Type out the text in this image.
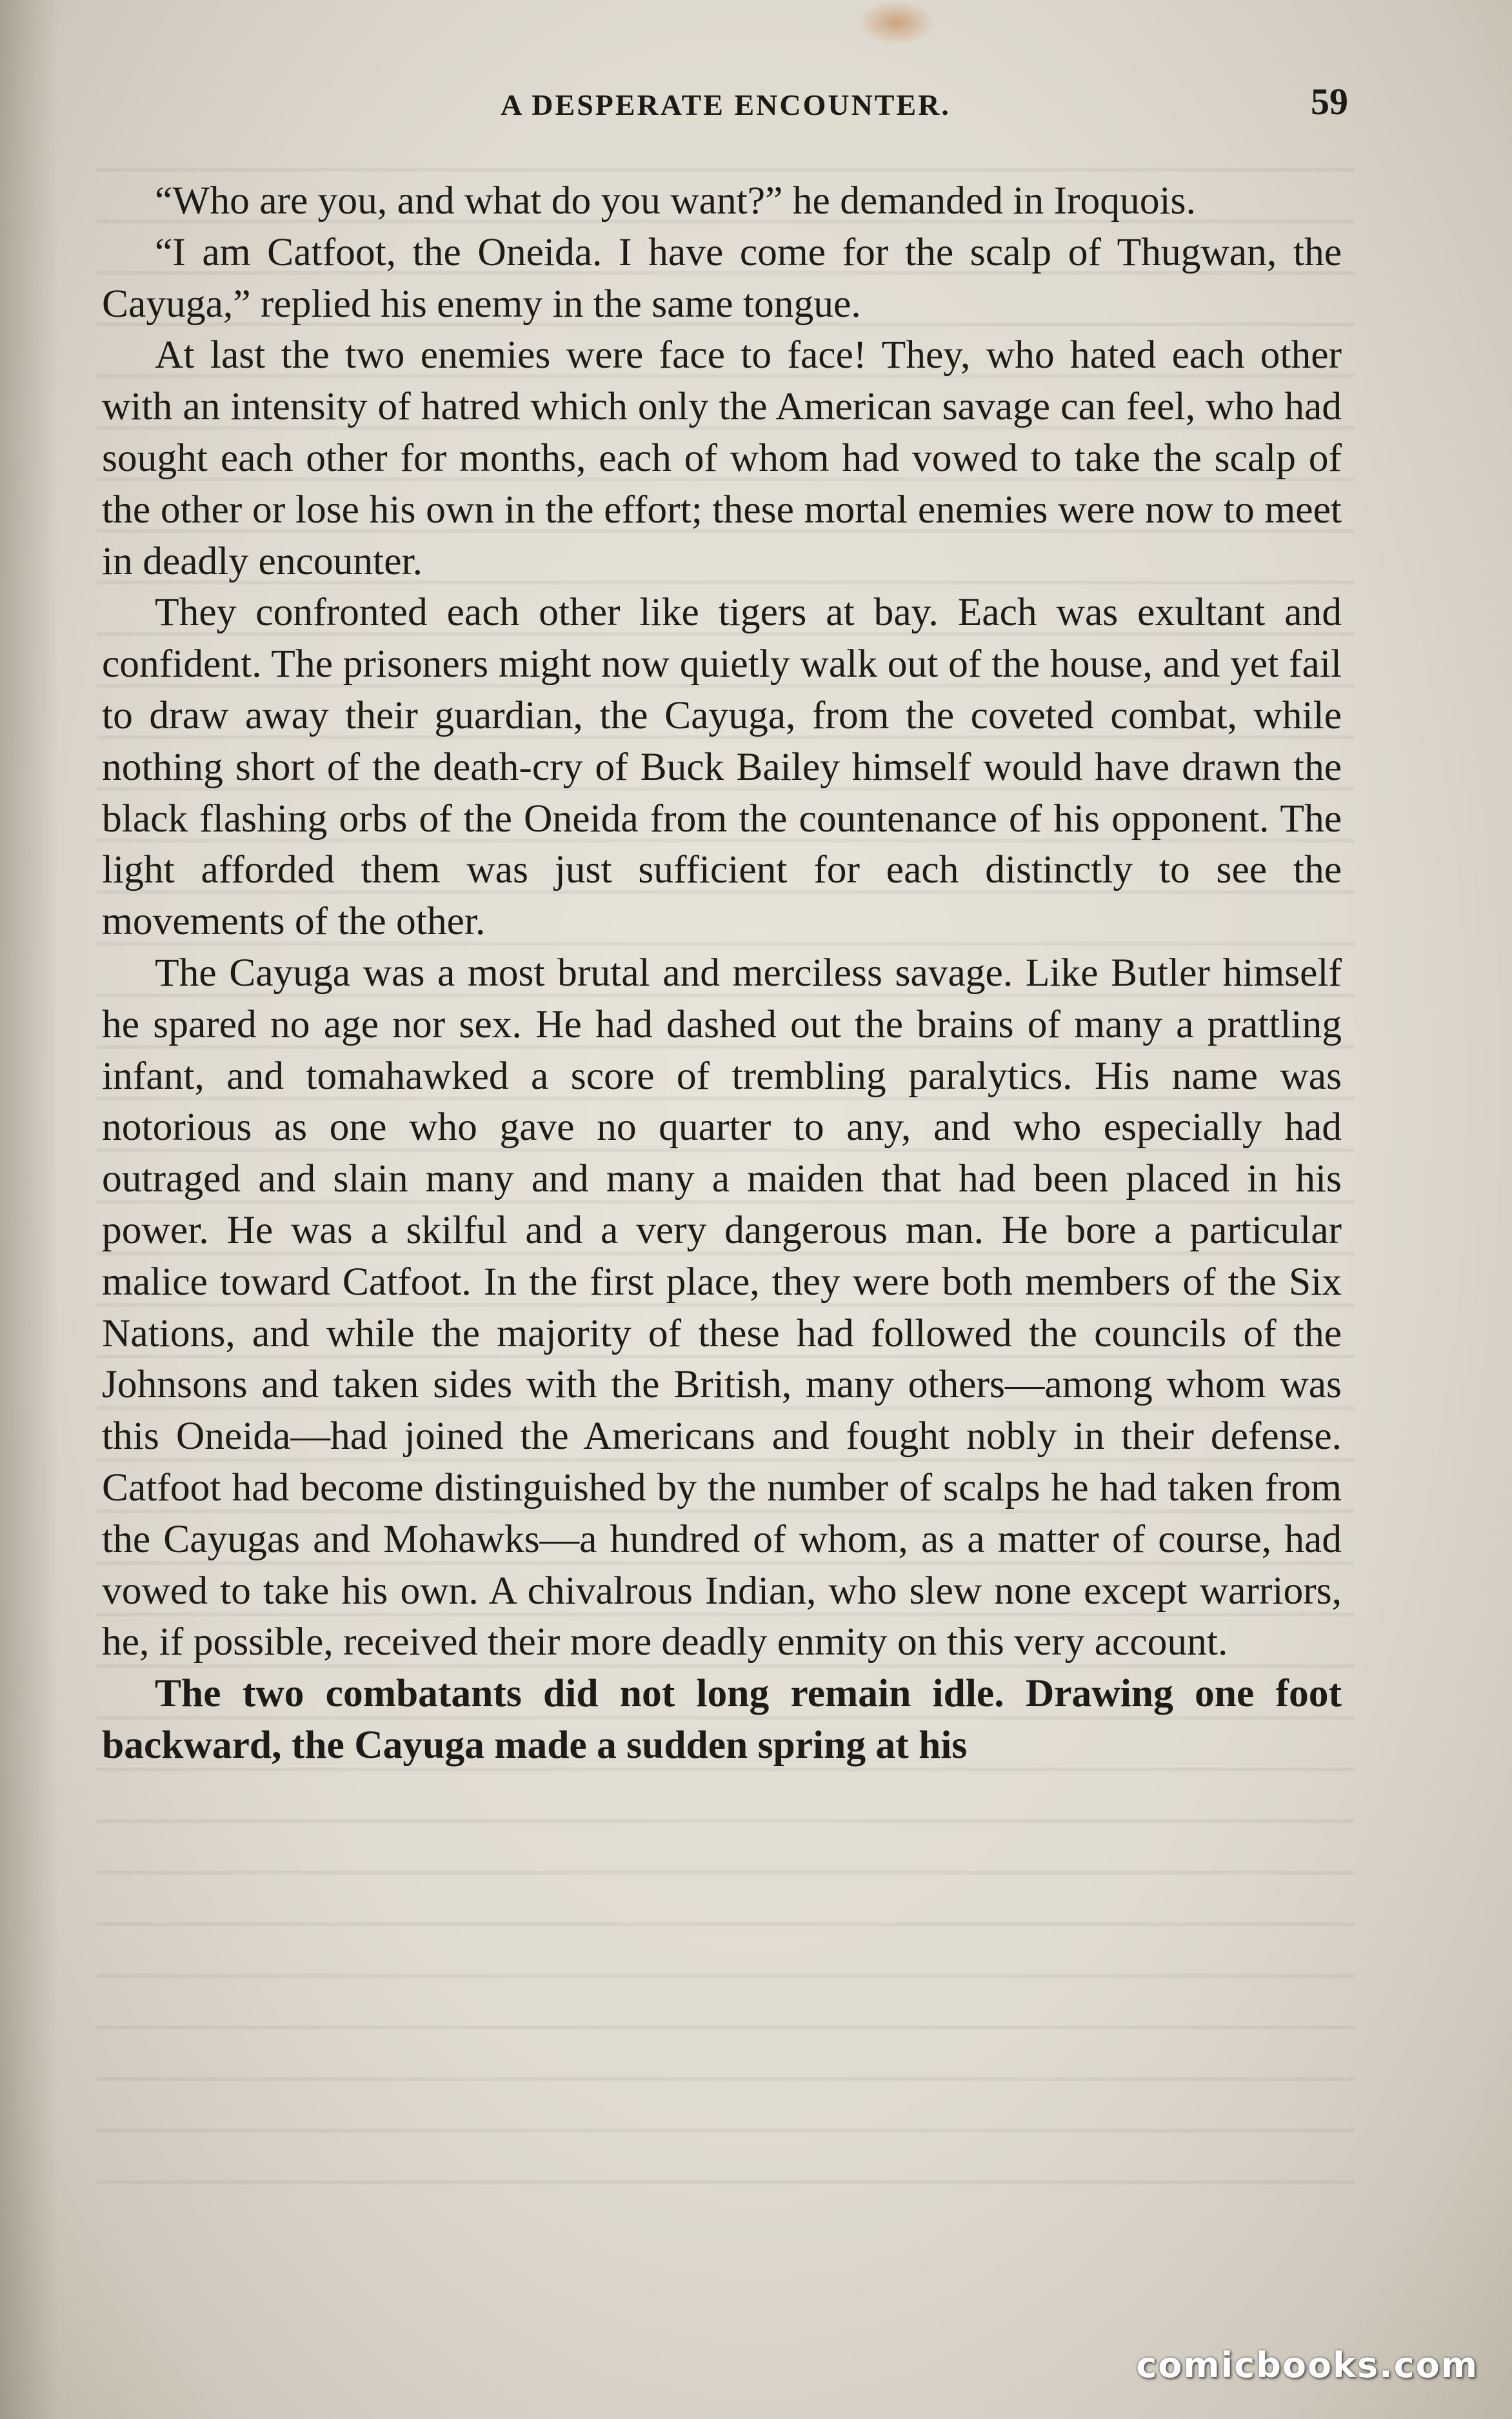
A DESPERATE ENCOUNTER.	59

“Who are you, and what do you want?” he demanded in Iroquois.

“I am Catfoot, the Oneida. I have come for the scalp of Thugwan, the Cayuga,” replied his enemy in the same tongue.

At last the two enemies were face to face! They, who hated each other with an intensity of hatred which only the American savage can feel, who had sought each other for months, each of whom had vowed to take the scalp of the other or lose his own in the effort; these mortal enemies were now to meet in deadly encounter.

They confronted each other like tigers at bay. Each was exultant and confident. The prisoners might now quietly walk out of the house, and yet fail to draw away their guardian, the Cayuga, from the coveted combat, while nothing short of the death-cry of Buck Bailey himself would have drawn the black flashing orbs of the Oneida from the countenance of his opponent. The light afforded them was just sufficient for each distinctly to see the movements of the other.

The Cayuga was a most brutal and merciless savage. Like Butler himself he spared no age nor sex. He had dashed out the brains of many a prattling infant, and tomahawked a score of trembling paralytics. His name was notorious as one who gave no quarter to any, and who especially had outraged and slain many and many a maiden that had been placed in his power. He was a skilful and a very dangerous man. He bore a particular malice toward Catfoot. In the first place, they were both members of the Six Nations, and while the majority of these had followed the councils of the Johnsons and taken sides with the British, many others—among whom was this Oneida—had joined the Americans and fought nobly in their defense. Catfoot had become distinguished by the number of scalps he had taken from the Cayugas and Mohawks—a hundred of whom, as a matter of course, had vowed to take his own. A chivalrous Indian, who slew none except warriors, he, if possible, received their more deadly enmity on this very account.

The two combatants did not long remain idle. Drawing one foot backward, the Cayuga made a sudden spring at his

comicbooks.com
